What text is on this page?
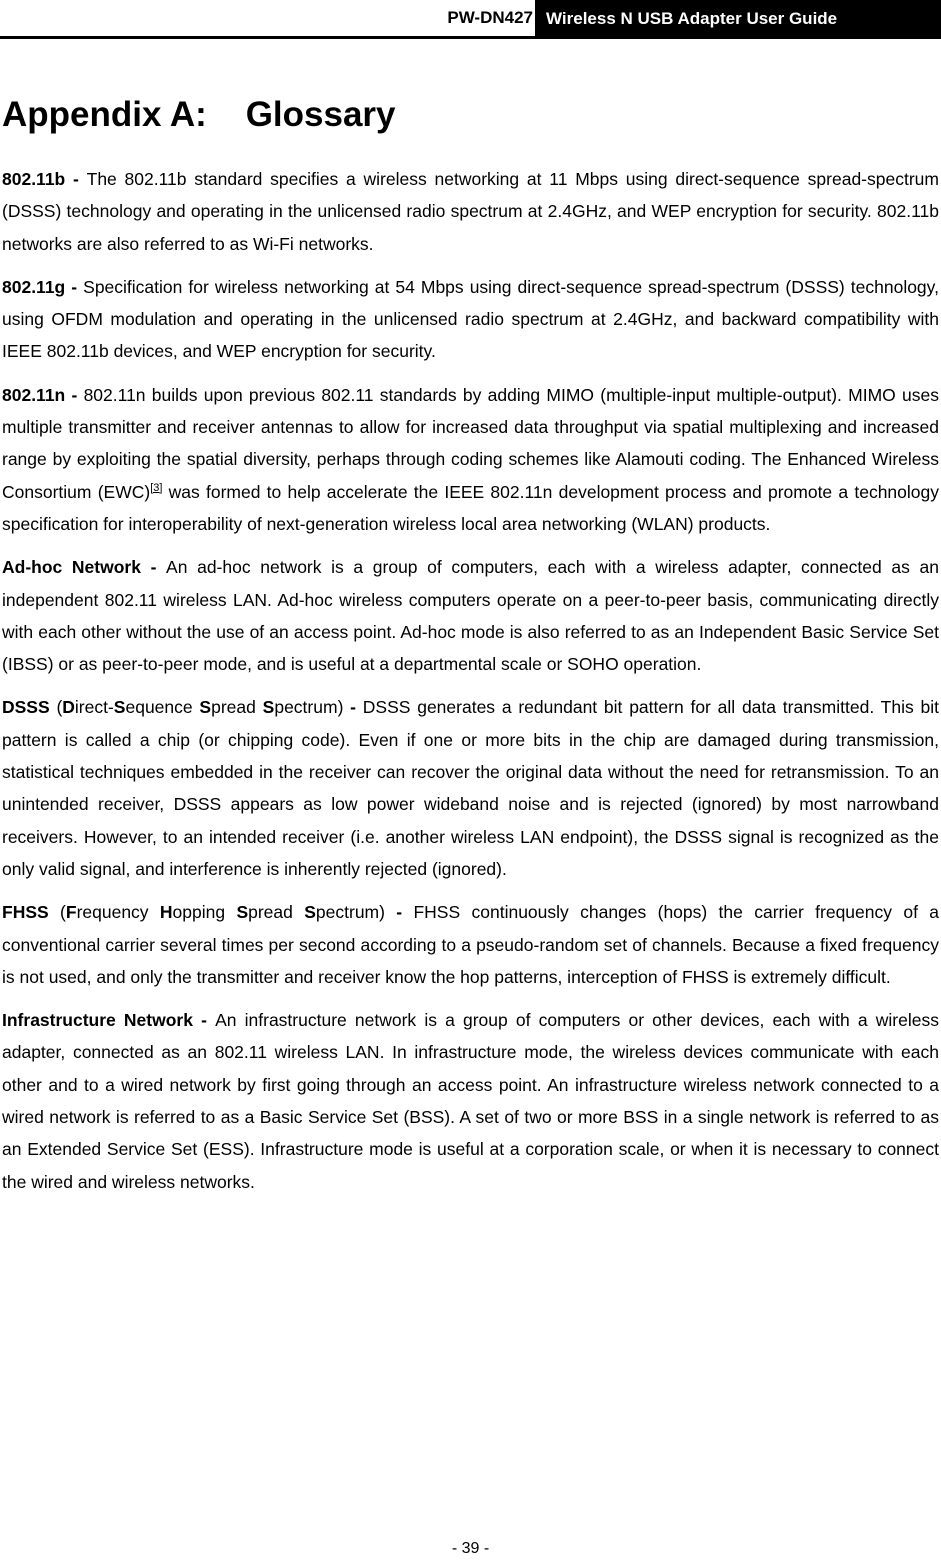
PW-DN427 Wireless N USB Adapter User Guide
Appendix A:    Glossary

802.11b - The 802.11b standard specifies a wireless networking at 11 Mbps using direct-sequence spread-spectrum (DSSS) technology and operating in the unlicensed radio spectrum at 2.4GHz, and WEP encryption for security. 802.11b networks are also referred to as Wi-Fi networks.

802.11g - Specification for wireless networking at 54 Mbps using direct-sequence spread-spectrum (DSSS) technology, using OFDM modulation and operating in the unlicensed radio spectrum at 2.4GHz, and backward compatibility with IEEE 802.11b devices, and WEP encryption for security.

802.11n - 802.11n builds upon previous 802.11 standards by adding MIMO (multiple-input multiple-output). MIMO uses multiple transmitter and receiver antennas to allow for increased data throughput via spatial multiplexing and increased range by exploiting the spatial diversity, perhaps through coding schemes like Alamouti coding. The Enhanced Wireless Consortium (EWC)[3] was formed to help accelerate the IEEE 802.11n development process and promote a technology specification for interoperability of next-generation wireless local area networking (WLAN) products.

Ad-hoc Network - An ad-hoc network is a group of computers, each with a wireless adapter, connected as an independent 802.11 wireless LAN. Ad-hoc wireless computers operate on a peer-to-peer basis, communicating directly with each other without the use of an access point. Ad-hoc mode is also referred to as an Independent Basic Service Set (IBSS) or as peer-to-peer mode, and is useful at a departmental scale or SOHO operation.

DSSS (Direct-Sequence Spread Spectrum) - DSSS generates a redundant bit pattern for all data transmitted. This bit pattern is called a chip (or chipping code). Even if one or more bits in the chip are damaged during transmission, statistical techniques embedded in the receiver can recover the original data without the need for retransmission. To an unintended receiver, DSSS appears as low power wideband noise and is rejected (ignored) by most narrowband receivers. However, to an intended receiver (i.e. another wireless LAN endpoint), the DSSS signal is recognized as the only valid signal, and interference is inherently rejected (ignored).

FHSS (Frequency Hopping Spread Spectrum) - FHSS continuously changes (hops) the carrier frequency of a conventional carrier several times per second according to a pseudo-random set of channels. Because a fixed frequency is not used, and only the transmitter and receiver know the hop patterns, interception of FHSS is extremely difficult.

Infrastructure Network - An infrastructure network is a group of computers or other devices, each with a wireless adapter, connected as an 802.11 wireless LAN. In infrastructure mode, the wireless devices communicate with each other and to a wired network by first going through an access point. An infrastructure wireless network connected to a wired network is referred to as a Basic Service Set (BSS). A set of two or more BSS in a single network is referred to as an Extended Service Set (ESS). Infrastructure mode is useful at a corporation scale, or when it is necessary to connect the wired and wireless networks.

- 39 -
